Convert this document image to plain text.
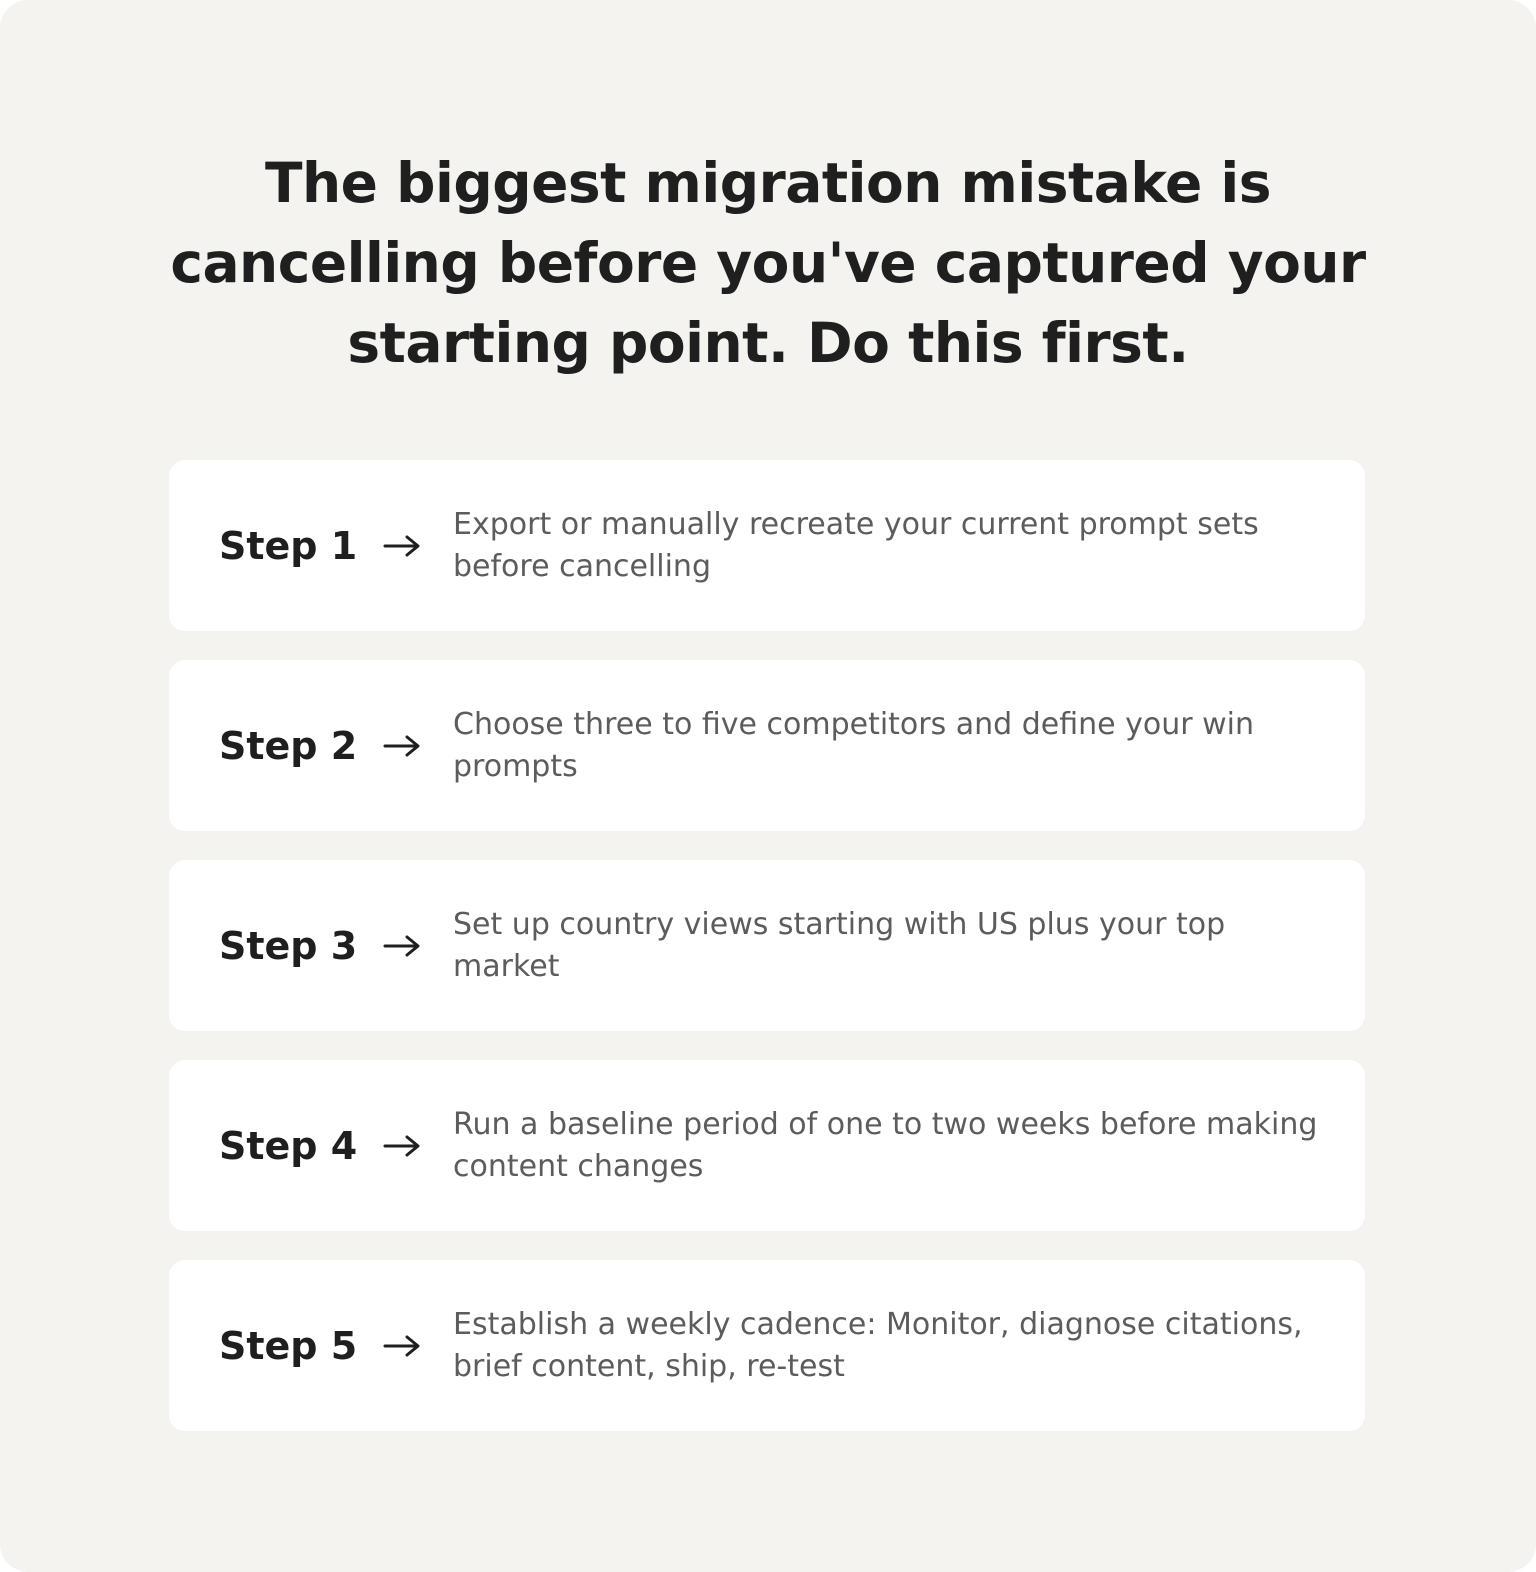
The biggest migration mistake is cancelling before you've captured your starting point. Do this first.
Step 1	Export or manually recreate your current prompt sets before cancelling
Step 2	Choose three to five competitors and define your win prompts
Step 3	Set up country views starting with US plus your top market
Step 4	Run a baseline period of one to two weeks before making content changes
Step 5	Establish a weekly cadence: Monitor, diagnose citations, brief content, ship, re-test
